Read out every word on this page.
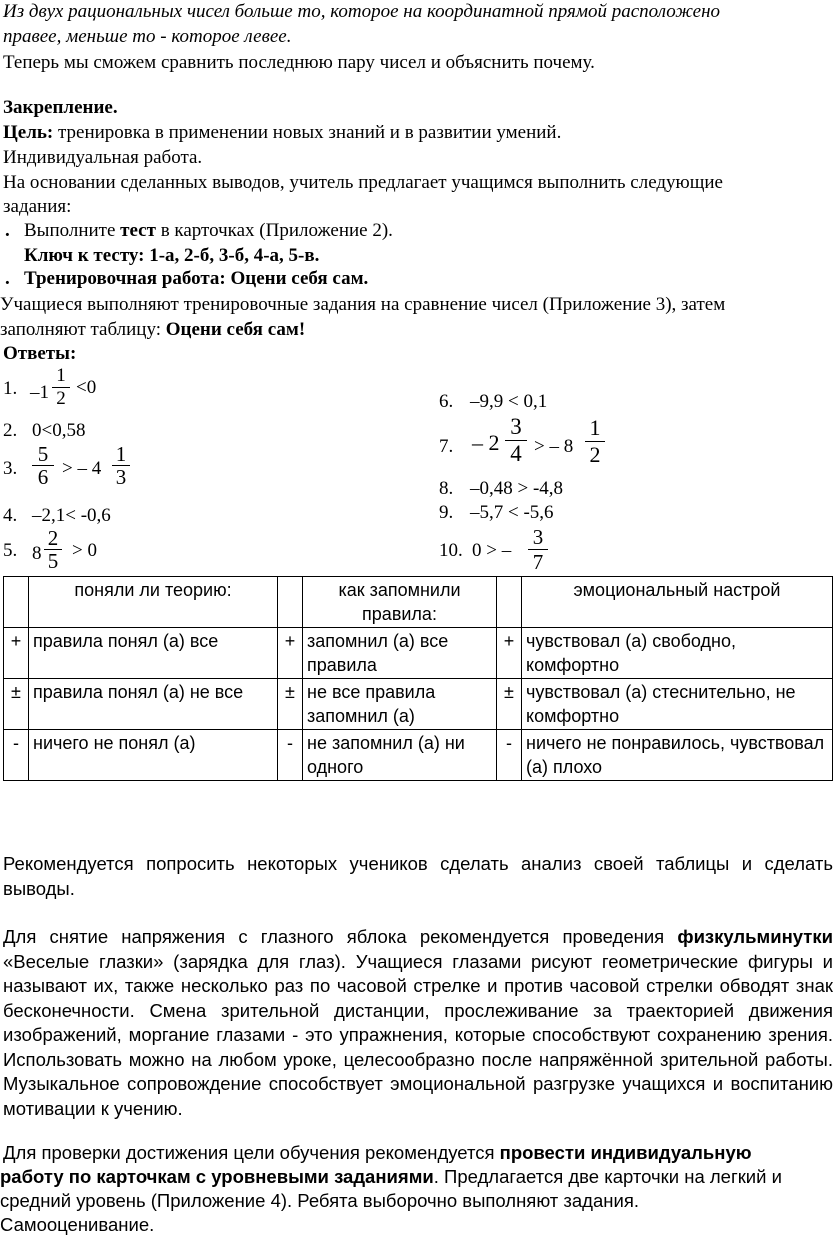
Из двух рациональных чисел больше то, которое на координатной прямой расположено
правее, меньше то - которое левее.
Теперь мы сможем сравнить последнюю пару чисел и объяснить почему.
Закрепление.
Цель: тренировка в применении новых знаний и в развитии умений.
Индивидуальная работа.
На основании сделанных выводов, учитель предлагает учащимся выполнить следующие
задания:
. Выполните тест в карточках (Приложение 2).
Ключ к тесту: 1-а, 2-б, 3-б, 4-а, 5-в.
. Тренировочная работа: Оцени себя сам.
Учащиеся выполняют тренировочные задания на сравнение чисел (Приложение 3), затем
заполняют таблицу: Оцени себя сам!
Ответы:
1. –1
1
2
<0
2. 0<0,58
3.
5
6 > – 4
1
3
4. –2,1< -0,6
5. 8
2
5 > 0
6. –9,9 < 0,1
7. – 2
3
4 > – 8
1
2
8. –0,48 > -4,8
9. –5,7 < -5,6
10. 0 > –
3
7
	поняли ли теорию:		как запомнили правила:		эмоциональный настрой
+	правила понял (а) все	+	запомнил (а) все правила	+	чувствовал (а) свободно, комфортно
±	правила понял (а) не все	±	не все правила запомнил (а)	±	чувствовал (а) стеснительно, не комфортно
-	ничего не понял (а)	-	не запомнил (а) ни одного	-	ничего не понравилось, чувствовал (а) плохо
Рекомендуется попросить некоторых учеников сделать анализ своей таблицы и сделать выводы.
Для снятие напряжения с глазного яблока рекомендуется проведения физкульминутки «Веселые глазки» (зарядка для глаз). Учащиеся глазами рисуют геометрические фигуры и называют их, также несколько раз по часовой стрелке и против часовой стрелки обводят знак бесконечности. Смена зрительной дистанции, прослеживание за траекторией движения изображений, моргание глазами - это упражнения, которые способствуют сохранению зрения. Использовать можно на любом уроке, целесообразно после напряжённой зрительной работы. Музыкальное сопровождение способствует эмоциональной разгрузке учащихся и воспитанию мотивации к учению.
Для проверки достижения цели обучения рекомендуется провести индивидуальную
работу по карточкам с уровневыми заданиями. Предлагается две карточки на легкий и
средний уровень (Приложение 4). Ребята выборочно выполняют задания.
Самооценивание.
